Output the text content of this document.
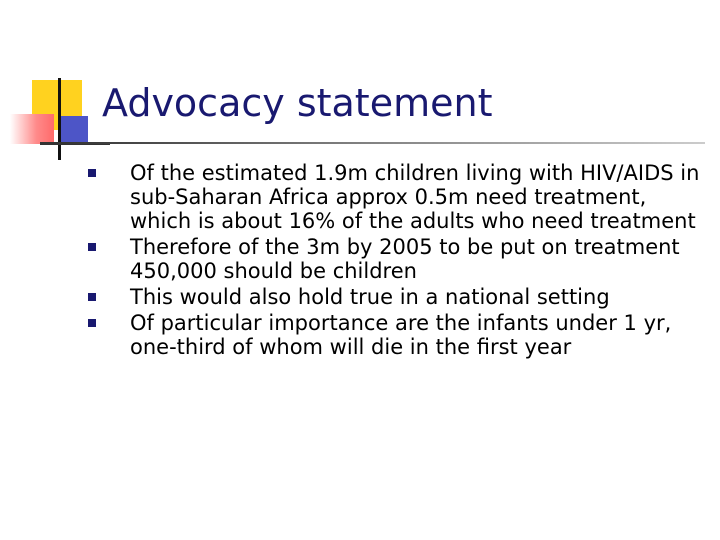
Advocacy statement
Of the estimated 1.9m children living with HIV/AIDS in sub-Saharan Africa approx 0.5m need treatment, which is about 16% of the adults who need treatment
Therefore of the 3m by 2005 to be put on treatment 450,000 should be children
This would also hold true in a national setting
Of particular importance are the infants under 1 yr, one-third of whom will die in the first year
